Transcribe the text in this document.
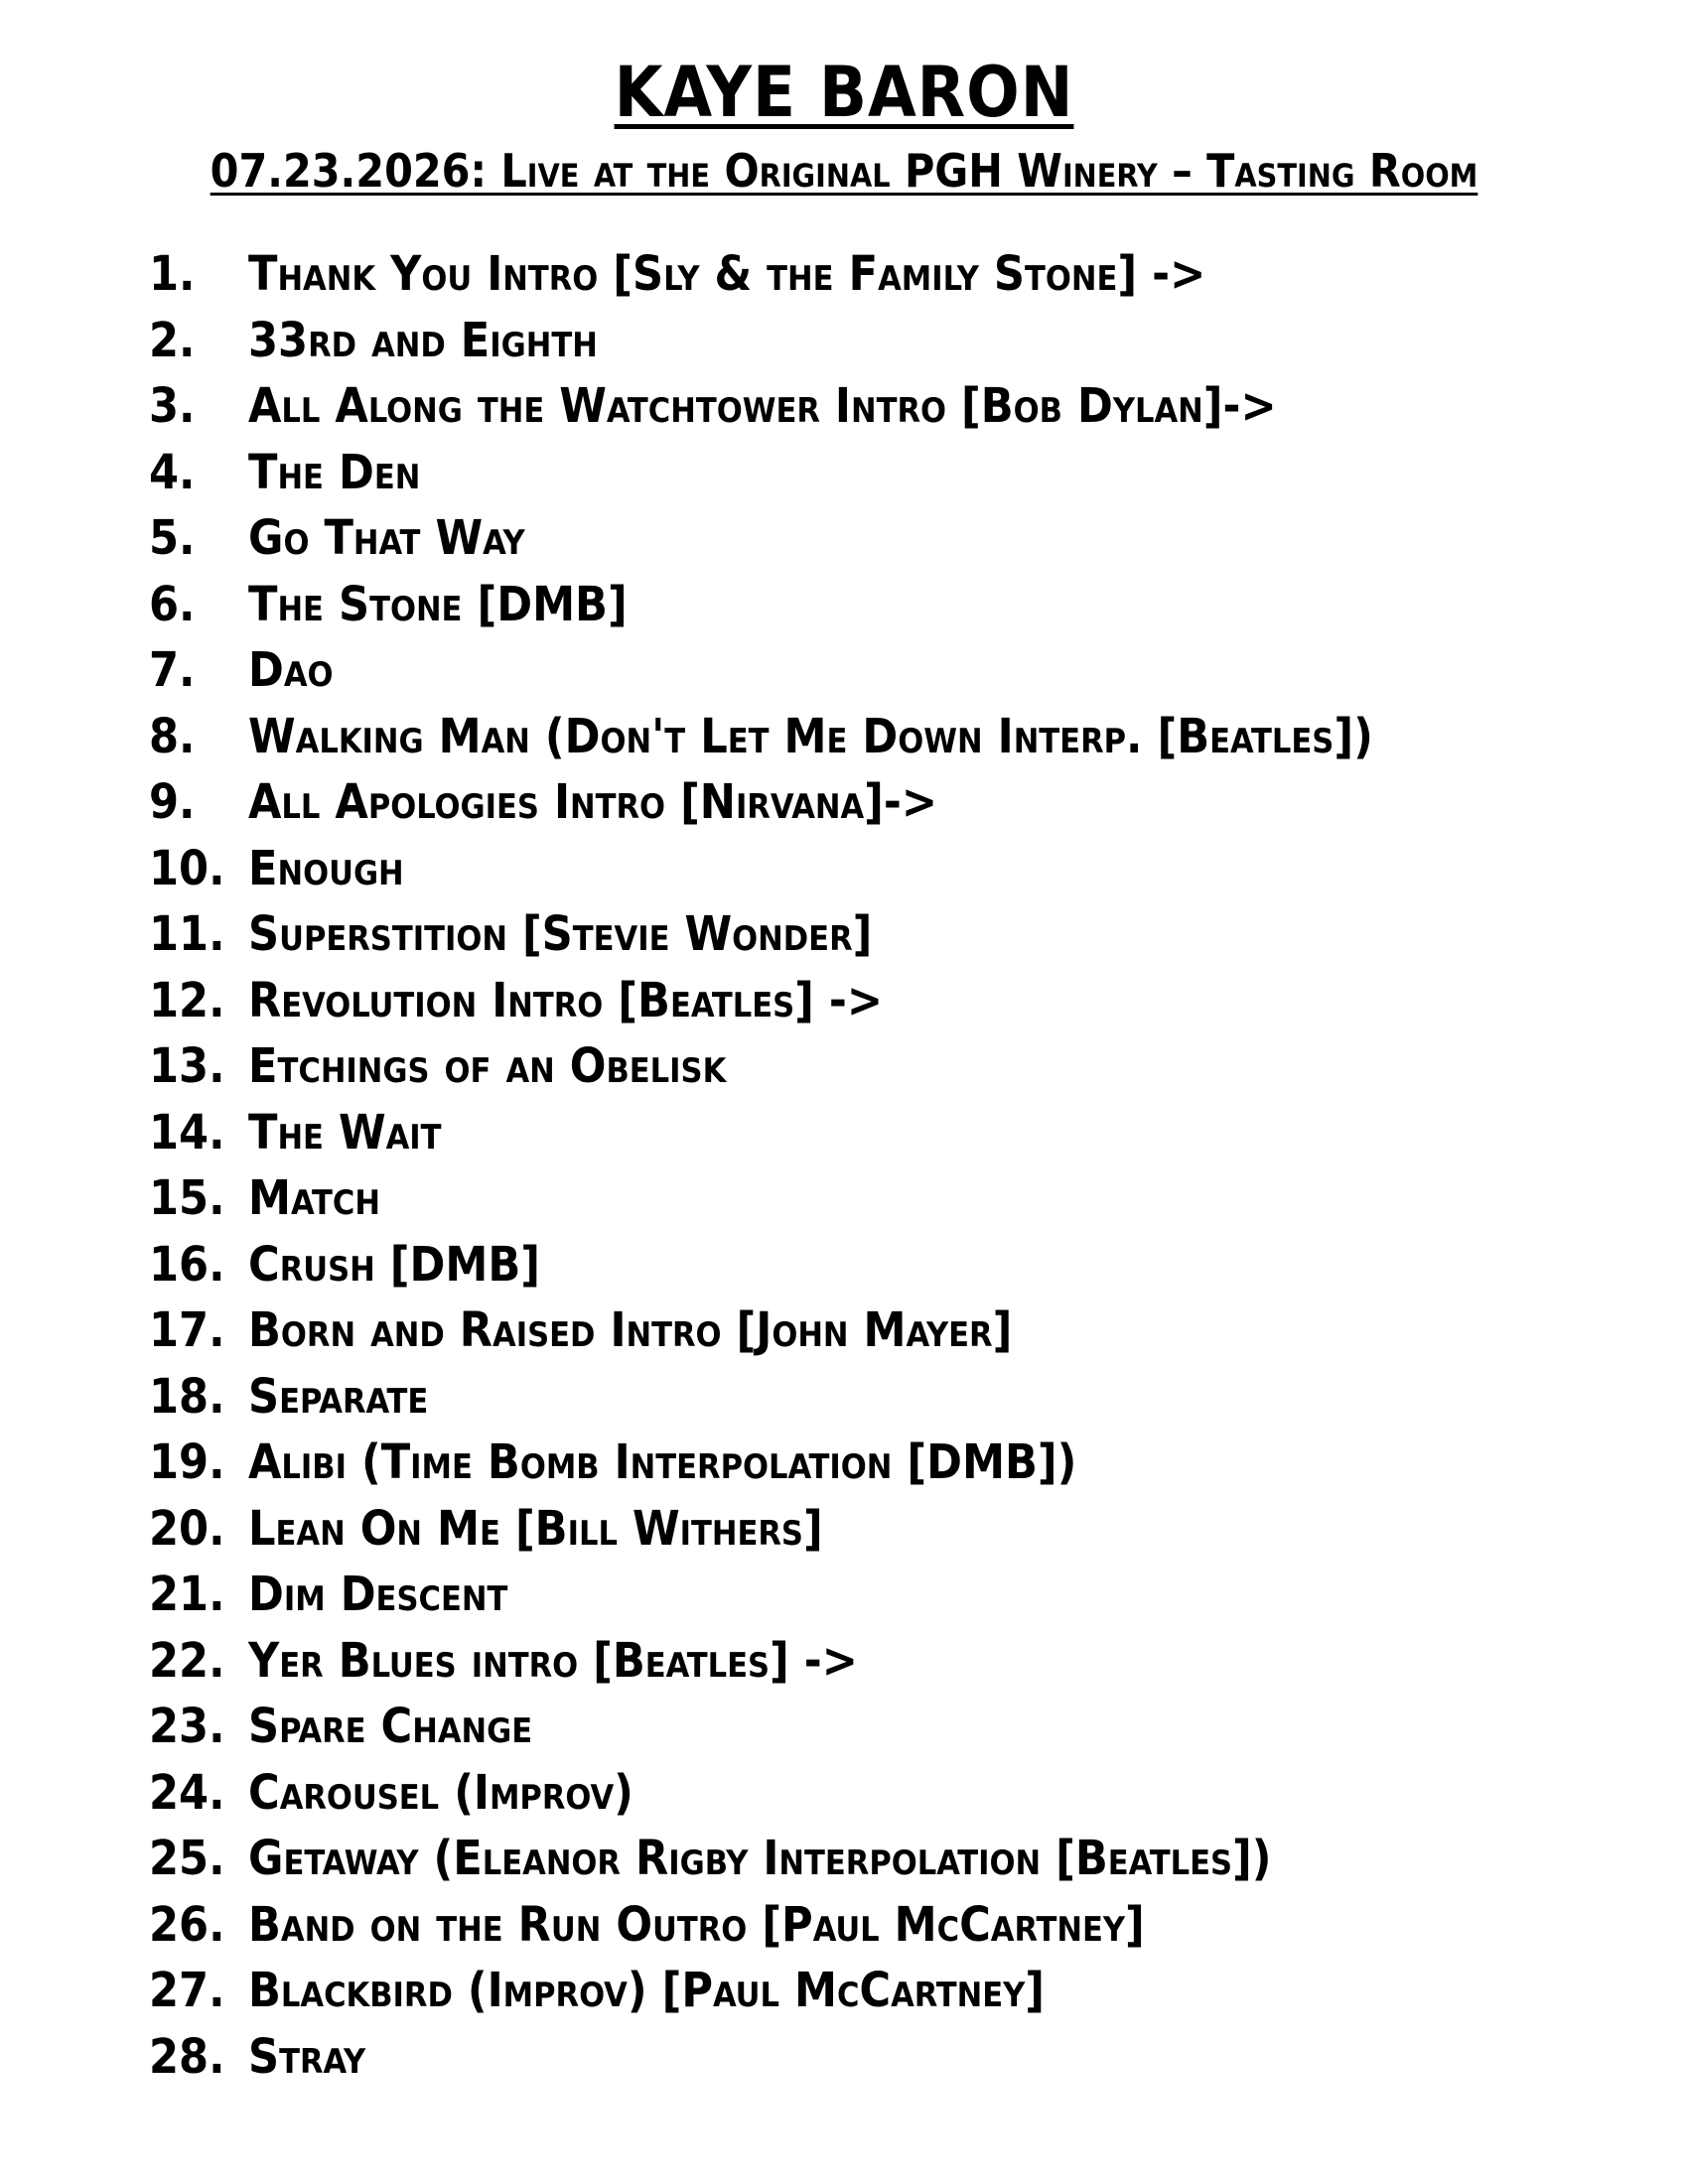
KAYE BARON
07.23.2026: Live at the Original PGH Winery – Tasting Room
1.	Thank You Intro [Sly & the Family Stone] ->
2.	33rd and Eighth
3.	All Along the Watchtower Intro [Bob Dylan]->
4.	The Den
5.	Go That Way
6.	The Stone [DMB]
7.	Dao
8.	Walking Man (Don't Let Me Down Interp. [Beatles])
9.	All Apologies Intro [Nirvana]->
10. Enough
11. Superstition [Stevie Wonder]
12. Revolution Intro [Beatles] ->
13. Etchings of an Obelisk
14. The Wait
15. Match
16. Crush [DMB]
17. Born and Raised Intro [John Mayer]
18. Separate
19. Alibi (Time Bomb Interpolation [DMB])
20. Lean On Me [Bill Withers]
21. Dim Descent
22. Yer Blues intro [Beatles] ->
23. Spare Change
24. Carousel (Improv)
25. Getaway (Eleanor Rigby Interpolation [Beatles])
26. Band on the Run Outro [Paul McCartney]
27. Blackbird (Improv) [Paul McCartney]
28. Stray
